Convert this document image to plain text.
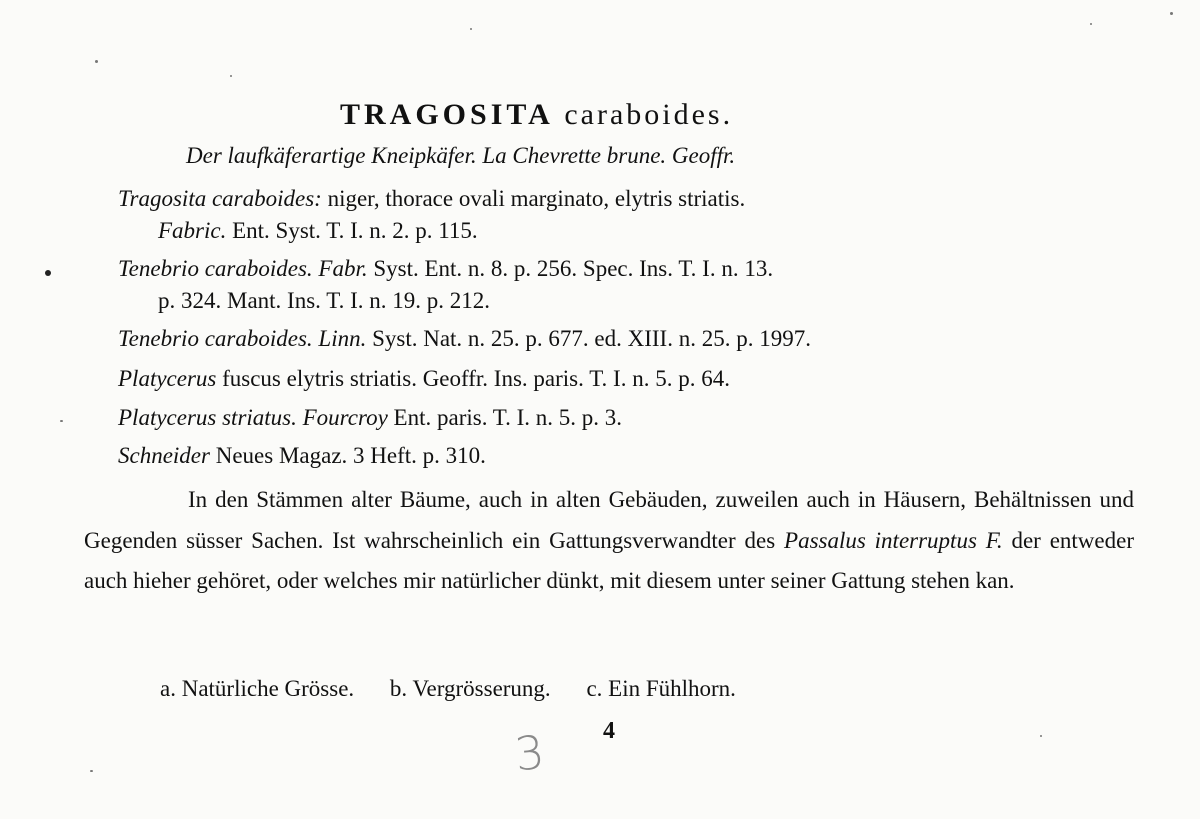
TRAGOSITA caraboides.
Der laufkäferartige Kneipkäfer. La Chevrette brune. Geoffr.
Tragosita caraboides: niger, thorace ovali marginato, elytris striatis.
Fabric. Ent. Syst. T. I. n. 2. p. 115.
Tenebrio caraboides. Fabr. Syst. Ent. n. 8. p. 256. Spec. Ins. T. I. n. 13.
p. 324. Mant. Ins. T. I. n. 19. p. 212.
Tenebrio caraboides. Linn. Syst. Nat. n. 25. p. 677. ed. XIII. n. 25. p. 1997.
Platycerus fuscus elytris striatis. Geoffr. Ins. paris. T. I. n. 5. p. 64.
Platycerus striatus. Fourcroy Ent. paris. T. I. n. 5. p. 3.
Schneider Neues Magaz. 3 Heft. p. 310.
In den Stämmen alter Bäume, auch in alten Gebäuden, zuweilen auch in Häusern, Behältnissen und Gegenden süsser Sachen. Ist wahrscheinlich ein Gattungsverwandter des Passalus interruptus F. der entweder auch hieher gehöret, oder welches mir natürlicher dünkt, mit diesem unter seiner Gattung stehen kan.
a. Natürliche Grösse. b. Vergrösserung. c. Ein Fühlhorn.
3 4
